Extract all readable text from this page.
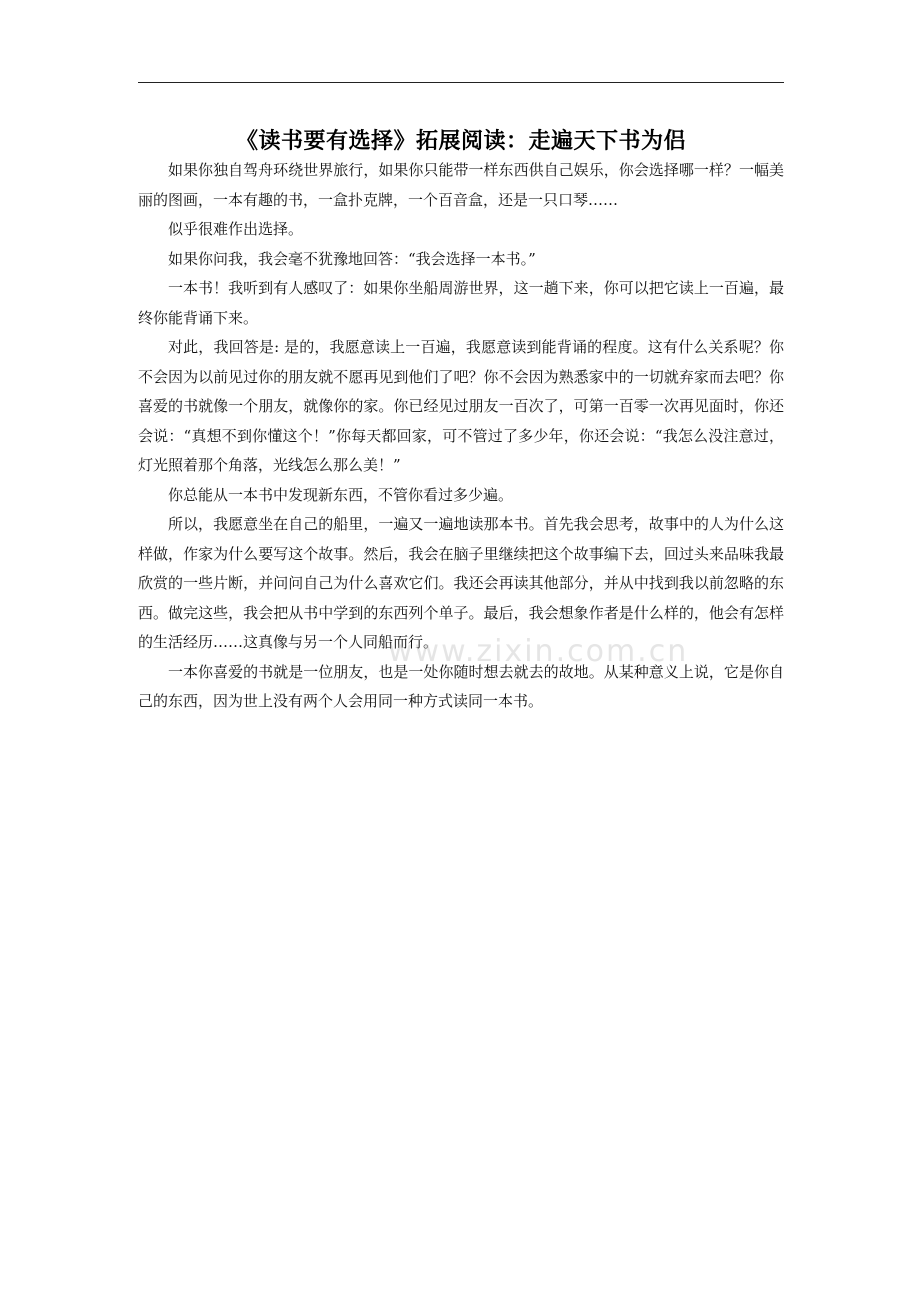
《读书要有选择》拓展阅读：走遍天下书为侣

如果你独自驾舟环绕世界旅行，如果你只能带一样东西供自己娱乐，你会选择哪一样？一幅美丽的图画，一本有趣的书，一盒扑克牌，一个百音盒，还是一只口琴……

似乎很难作出选择。

如果你问我，我会毫不犹豫地回答：“我会选择一本书。”

一本书！我听到有人感叹了：如果你坐船周游世界，这一趟下来，你可以把它读上一百遍，最终你能背诵下来。

对此，我回答是: 是的，我愿意读上一百遍，我愿意读到能背诵的程度。这有什么关系呢？你不会因为以前见过你的朋友就不愿再见到他们了吧？你不会因为熟悉家中的一切就弃家而去吧？你喜爱的书就像一个朋友，就像你的家。你已经见过朋友一百次了，可第一百零一次再见面时，你还会说：“真想不到你懂这个！”你每天都回家，可不管过了多少年，你还会说：“我怎么没注意过，灯光照着那个角落，光线怎么那么美！”

你总能从一本书中发现新东西，不管你看过多少遍。

所以，我愿意坐在自己的船里，一遍又一遍地读那本书。首先我会思考，故事中的人为什么这样做，作家为什么要写这个故事。然后，我会在脑子里继续把这个故事编下去，回过头来品味我最欣赏的一些片断，并问问自己为什么喜欢它们。我还会再读其他部分，并从中找到我以前忽略的东西。做完这些，我会把从书中学到的东西列个单子。最后，我会想象作者是什么样的，他会有怎样的生活经历……这真像与另一个人同船而行。

一本你喜爱的书就是一位朋友，也是一处你随时想去就去的故地。从某种意义上说，它是你自己的东西，因为世上没有两个人会用同一种方式读同一本书。

www.zixin.com.cn
